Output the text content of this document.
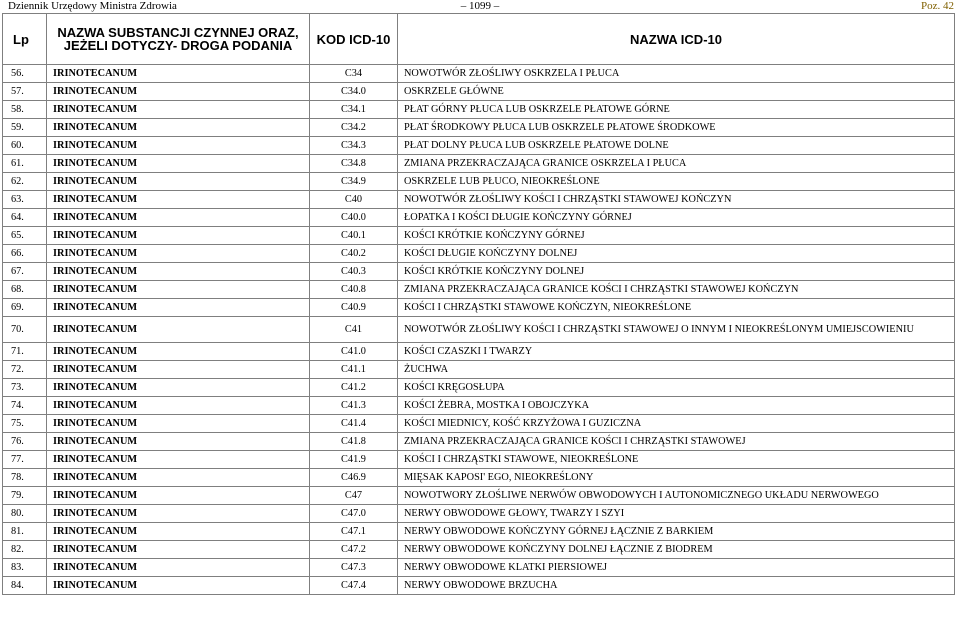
Dziennik Urzędowy Ministra Zdrowia	– 1099 –	Poz. 42
Lp	NAZWA SUBSTANCJI CZYNNEJ ORAZ, JEŻELI DOTYCZY- DROGA PODANIA	KOD ICD-10	NAZWA ICD-10
56.	IRINOTECANUM	C34	NOWOTWÓR ZŁOŚLIWY OSKRZELA I PŁUCA
57.	IRINOTECANUM	C34.0	OSKRZELE GŁÓWNE
58.	IRINOTECANUM	C34.1	PŁAT GÓRNY PŁUCA LUB OSKRZELE PŁATOWE GÓRNE
59.	IRINOTECANUM	C34.2	PŁAT ŚRODKOWY PŁUCA LUB OSKRZELE PŁATOWE ŚRODKOWE
60.	IRINOTECANUM	C34.3	PŁAT DOLNY PŁUCA LUB OSKRZELE PŁATOWE DOLNE
61.	IRINOTECANUM	C34.8	ZMIANA PRZEKRACZAJĄCA GRANICE OSKRZELA I PŁUCA
62.	IRINOTECANUM	C34.9	OSKRZELE LUB PŁUCO, NIEOKREŚLONE
63.	IRINOTECANUM	C40	NOWOTWÓR ZŁOŚLIWY KOŚCI I CHRZĄSTKI STAWOWEJ KOŃCZYN
64.	IRINOTECANUM	C40.0	ŁOPATKA I KOŚCI DŁUGIE KOŃCZYNY GÓRNEJ
65.	IRINOTECANUM	C40.1	KOŚCI KRÓTKIE KOŃCZYNY GÓRNEJ
66.	IRINOTECANUM	C40.2	KOŚCI DŁUGIE KOŃCZYNY DOLNEJ
67.	IRINOTECANUM	C40.3	KOŚCI KRÓTKIE KOŃCZYNY DOLNEJ
68.	IRINOTECANUM	C40.8	ZMIANA PRZEKRACZAJĄCA GRANICE KOŚCI I CHRZĄSTKI STAWOWEJ KOŃCZYN
69.	IRINOTECANUM	C40.9	KOŚCI I CHRZĄSTKI STAWOWE KOŃCZYN, NIEOKREŚLONE
70.	IRINOTECANUM	C41	NOWOTWÓR ZŁOŚLIWY KOŚCI I CHRZĄSTKI STAWOWEJ O INNYM I NIEOKREŚLONYM UMIEJSCOWIENIU
71.	IRINOTECANUM	C41.0	KOŚCI CZASZKI I TWARZY
72.	IRINOTECANUM	C41.1	ŻUCHWA
73.	IRINOTECANUM	C41.2	KOŚCI KRĘGOSŁUPA
74.	IRINOTECANUM	C41.3	KOŚCI ŻEBRA, MOSTKA I OBOJCZYKA
75.	IRINOTECANUM	C41.4	KOŚCI MIEDNICY, KOŚĆ KRZYŻOWA I GUZICZNA
76.	IRINOTECANUM	C41.8	ZMIANA PRZEKRACZAJĄCA GRANICE KOŚCI I CHRZĄSTKI STAWOWEJ
77.	IRINOTECANUM	C41.9	KOŚCI I CHRZĄSTKI STAWOWE, NIEOKREŚLONE
78.	IRINOTECANUM	C46.9	MIĘSAK KAPOSI' EGO, NIEOKREŚLONY
79.	IRINOTECANUM	C47	NOWOTWORY ZŁOŚLIWE NERWÓW OBWODOWYCH I AUTONOMICZNEGO UKŁADU NERWOWEGO
80.	IRINOTECANUM	C47.0	NERWY OBWODOWE GŁOWY, TWARZY I SZYI
81.	IRINOTECANUM	C47.1	NERWY OBWODOWE KOŃCZYNY GÓRNEJ ŁĄCZNIE Z BARKIEM
82.	IRINOTECANUM	C47.2	NERWY OBWODOWE KOŃCZYNY DOLNEJ ŁĄCZNIE Z BIODREM
83.	IRINOTECANUM	C47.3	NERWY OBWODOWE KLATKI PIERSIOWEJ
84.	IRINOTECANUM	C47.4	NERWY OBWODOWE BRZUCHA
